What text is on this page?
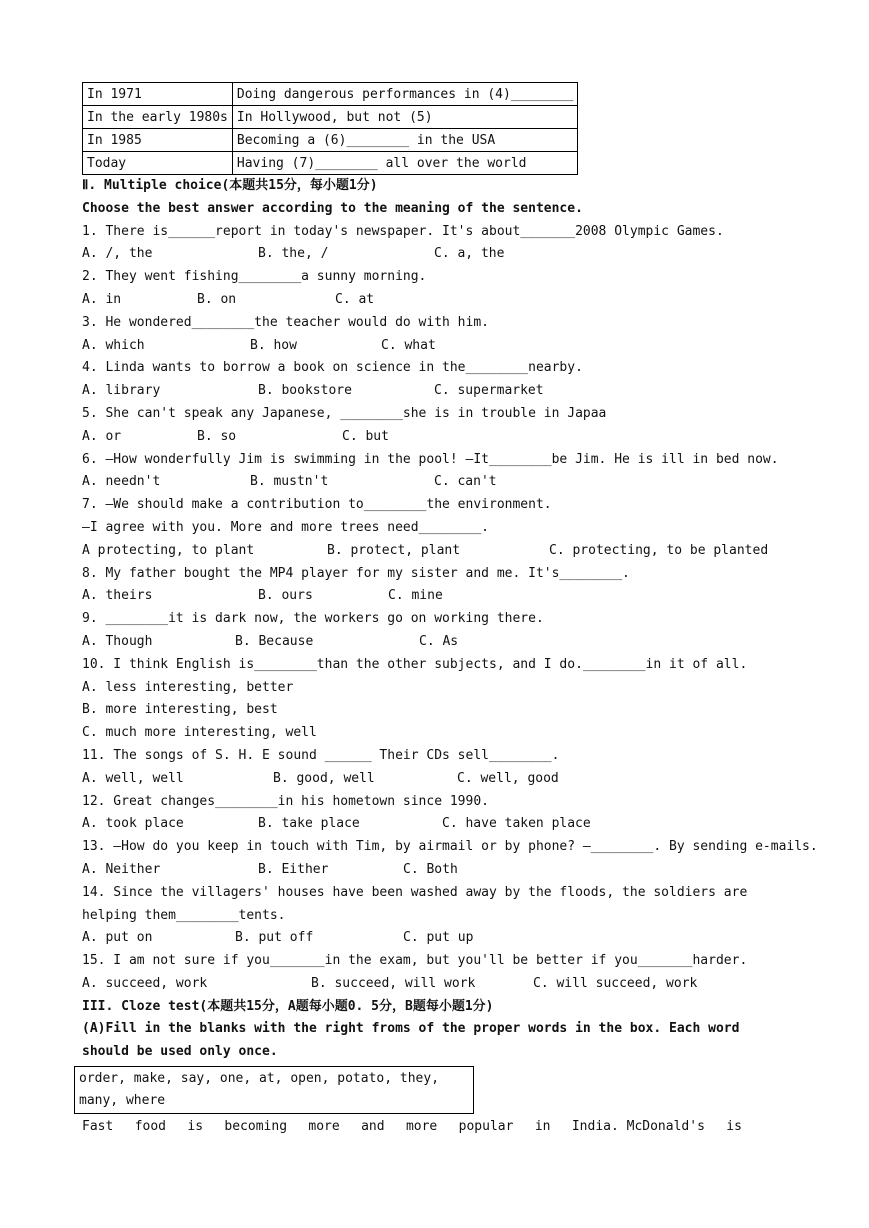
In 1971	Doing dangerous performances in (4)________
In the early 1980s	In Hollywood, but not (5)
In 1985	Becoming a (6)________ in the USA
Today	Having (7)________ all over the world
Ⅱ. Multiple choice(本题共15分，每小题1分)
Choose the best answer according to the meaning of the sentence.
1. There is______report in today's newspaper. It's about_______2008 Olympic Games.
A. /, the	B. the, /	C. a, the
2. They went fishing________a sunny morning.
A. in	B. on	C. at
3. He wondered________the teacher would do with him.
A. which	B. how	C. what
4. Linda wants to borrow a book on science in the________nearby.
A. library	B. bookstore	C. supermarket
5. She can't speak any Japanese, ________she is in trouble in Japaa
A. or	B. so	C. but
6. —How wonderfully Jim is swimming in the pool! —It________be Jim. He is ill in bed now.
A. needn't	B. mustn't	C. can't
7. —We should make a contribution to________the environment.
—I agree with you. More and more trees need________.
A protecting, to plant	B. protect, plant	C. protecting, to be planted
8. My father bought the MP4 player for my sister and me. It's________.
A. theirs	B. ours	C. mine
9. ________it is dark now, the workers go on working there.
A. Though	B. Because	C. As
10. I think English is________than the other subjects, and I do.________in it of all.
A. less interesting, better
B. more interesting, best
C. much more interesting, well
11. The songs of S. H. E sound ______ Their CDs sell________.
A. well, well	B. good, well	C. well, good
12. Great changes________in his hometown since 1990.
A. took place	B. take place	C. have taken place
13. —How do you keep in touch with Tim, by airmail or by phone? —________. By sending e-mails.
A. Neither	B. Either	C. Both
14. Since the villagers' houses have been washed away by the floods, the soldiers are helping them________tents.
A. put on	B. put off	C. put up
15. I am not sure if you_______in the exam, but you'll be better if you_______harder.
A. succeed, work	B. succeed, will work	C. will succeed, work
III. Cloze test(本题共15分，A题每小题0. 5分，B题每小题1分)
(A)Fill in the blanks with the right froms of the proper words in the box. Each word should be used only once.
order, make, say, one, at, open, potato, they, many, where
Fast food is becoming more and more popular in India. McDonald's is
